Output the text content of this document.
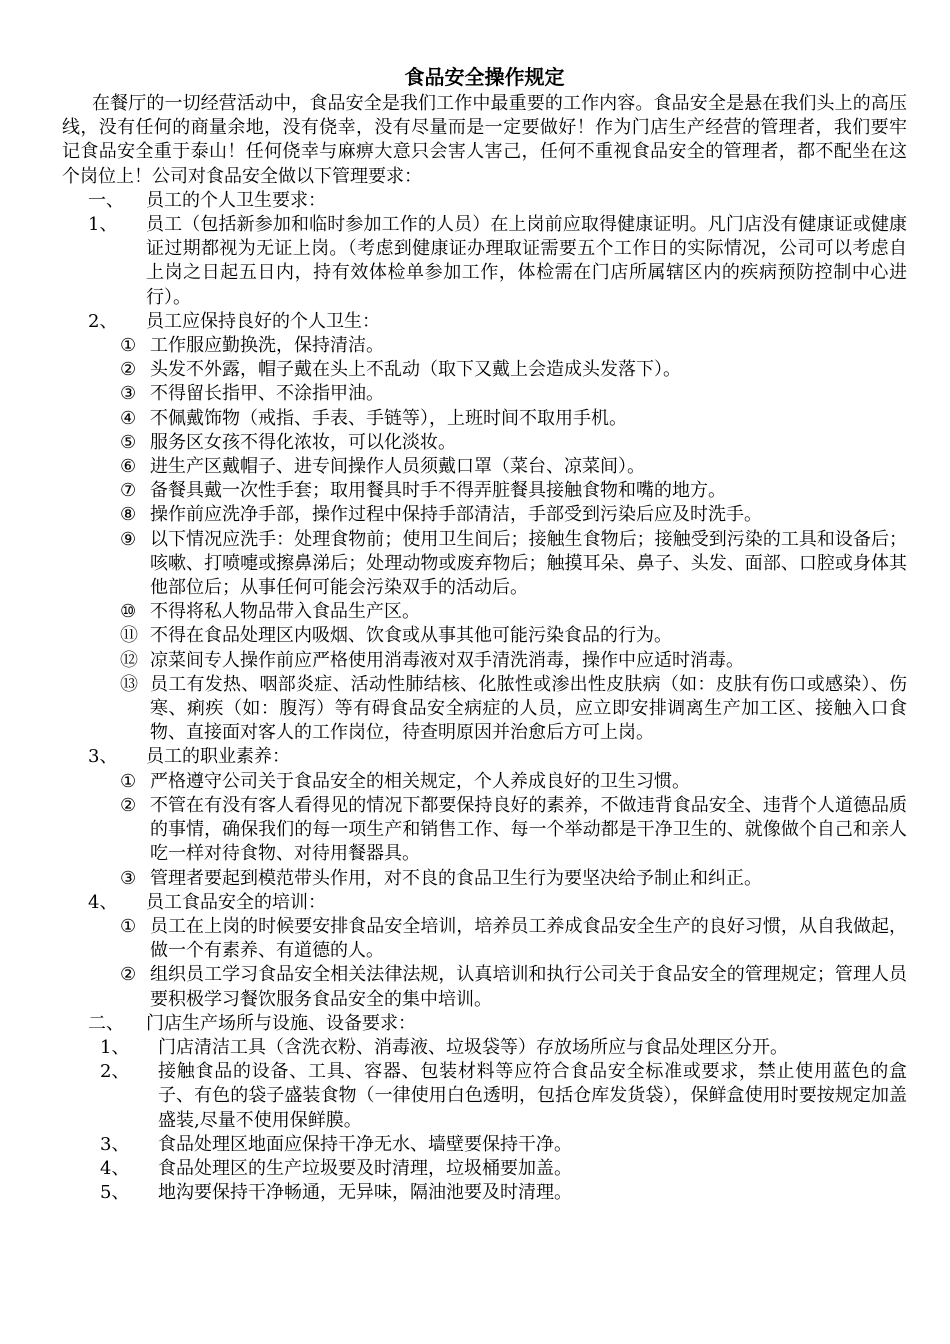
食品安全操作规定

在餐厅的一切经营活动中，食品安全是我们工作中最重要的工作内容。食品安全是悬在我们头上的高压线，没有任何的商量余地，没有侥幸，没有尽量而是一定要做好！作为门店生产经营的管理者，我们要牢记食品安全重于泰山！任何侥幸与麻痹大意只会害人害己，任何不重视食品安全的管理者，都不配坐在这个岗位上！公司对食品安全做以下管理要求：

一、 员工的个人卫生要求：
1、 员工（包括新参加和临时参加工作的人员）在上岗前应取得健康证明。凡门店没有健康证或健康证过期都视为无证上岗。（考虑到健康证办理取证需要五个工作日的实际情况，公司可以考虑自上岗之日起五日内，持有效体检单参加工作，体检需在门店所属辖区内的疾病预防控制中心进行）。
2、 员工应保持良好的个人卫生：
① 工作服应勤换洗，保持清洁。
② 头发不外露，帽子戴在头上不乱动（取下又戴上会造成头发落下）。
③ 不得留长指甲、不涂指甲油。
④ 不佩戴饰物（戒指、手表、手链等），上班时间不取用手机。
⑤ 服务区女孩不得化浓妆，可以化淡妆。
⑥ 进生产区戴帽子、进专间操作人员须戴口罩（菜台、凉菜间）。
⑦ 备餐具戴一次性手套；取用餐具时手不得弄脏餐具接触食物和嘴的地方。
⑧ 操作前应洗净手部，操作过程中保持手部清洁，手部受到污染后应及时洗手。
⑨ 以下情况应洗手：处理食物前；使用卫生间后；接触生食物后；接触受到污染的工具和设备后；咳嗽、打喷嚏或擦鼻涕后；处理动物或废弃物后；触摸耳朵、鼻子、头发、面部、口腔或身体其他部位后；从事任何可能会污染双手的活动后。
⑩ 不得将私人物品带入食品生产区。
⑪ 不得在食品处理区内吸烟、饮食或从事其他可能污染食品的行为。
⑫ 凉菜间专人操作前应严格使用消毒液对双手清洗消毒，操作中应适时消毒。
⑬ 员工有发热、咽部炎症、活动性肺结核、化脓性或渗出性皮肤病（如：皮肤有伤口或感染）、伤寒、痢疾（如：腹泻）等有碍食品安全病症的人员，应立即安排调离生产加工区、接触入口食物、直接面对客人的工作岗位，待查明原因并治愈后方可上岗。
3、 员工的职业素养：
① 严格遵守公司关于食品安全的相关规定，个人养成良好的卫生习惯。
② 不管在有没有客人看得见的情况下都要保持良好的素养，不做违背食品安全、违背个人道德品质的事情，确保我们的每一项生产和销售工作、每一个举动都是干净卫生的、就像做个自己和亲人吃一样对待食物、对待用餐器具。
③ 管理者要起到模范带头作用，对不良的食品卫生行为要坚决给予制止和纠正。
4、 员工食品安全的培训：
① 员工在上岗的时候要安排食品安全培训，培养员工养成食品安全生产的良好习惯，从自我做起，做一个有素养、有道德的人。
② 组织员工学习食品安全相关法律法规，认真培训和执行公司关于食品安全的管理规定；管理人员要积极学习餐饮服务食品安全的集中培训。
二、 门店生产场所与设施、设备要求：
1、 门店清洁工具（含洗衣粉、消毒液、垃圾袋等）存放场所应与食品处理区分开。
2、 接触食品的设备、工具、容器、包装材料等应符合食品安全标准或要求，禁止使用蓝色的盒子、有色的袋子盛装食物（一律使用白色透明，包括仓库发货袋），保鲜盒使用时要按规定加盖盛装,尽量不使用保鲜膜。
3、 食品处理区地面应保持干净无水、墙壁要保持干净。
4、 食品处理区的生产垃圾要及时清理，垃圾桶要加盖。
5、 地沟要保持干净畅通，无异味，隔油池要及时清理。
